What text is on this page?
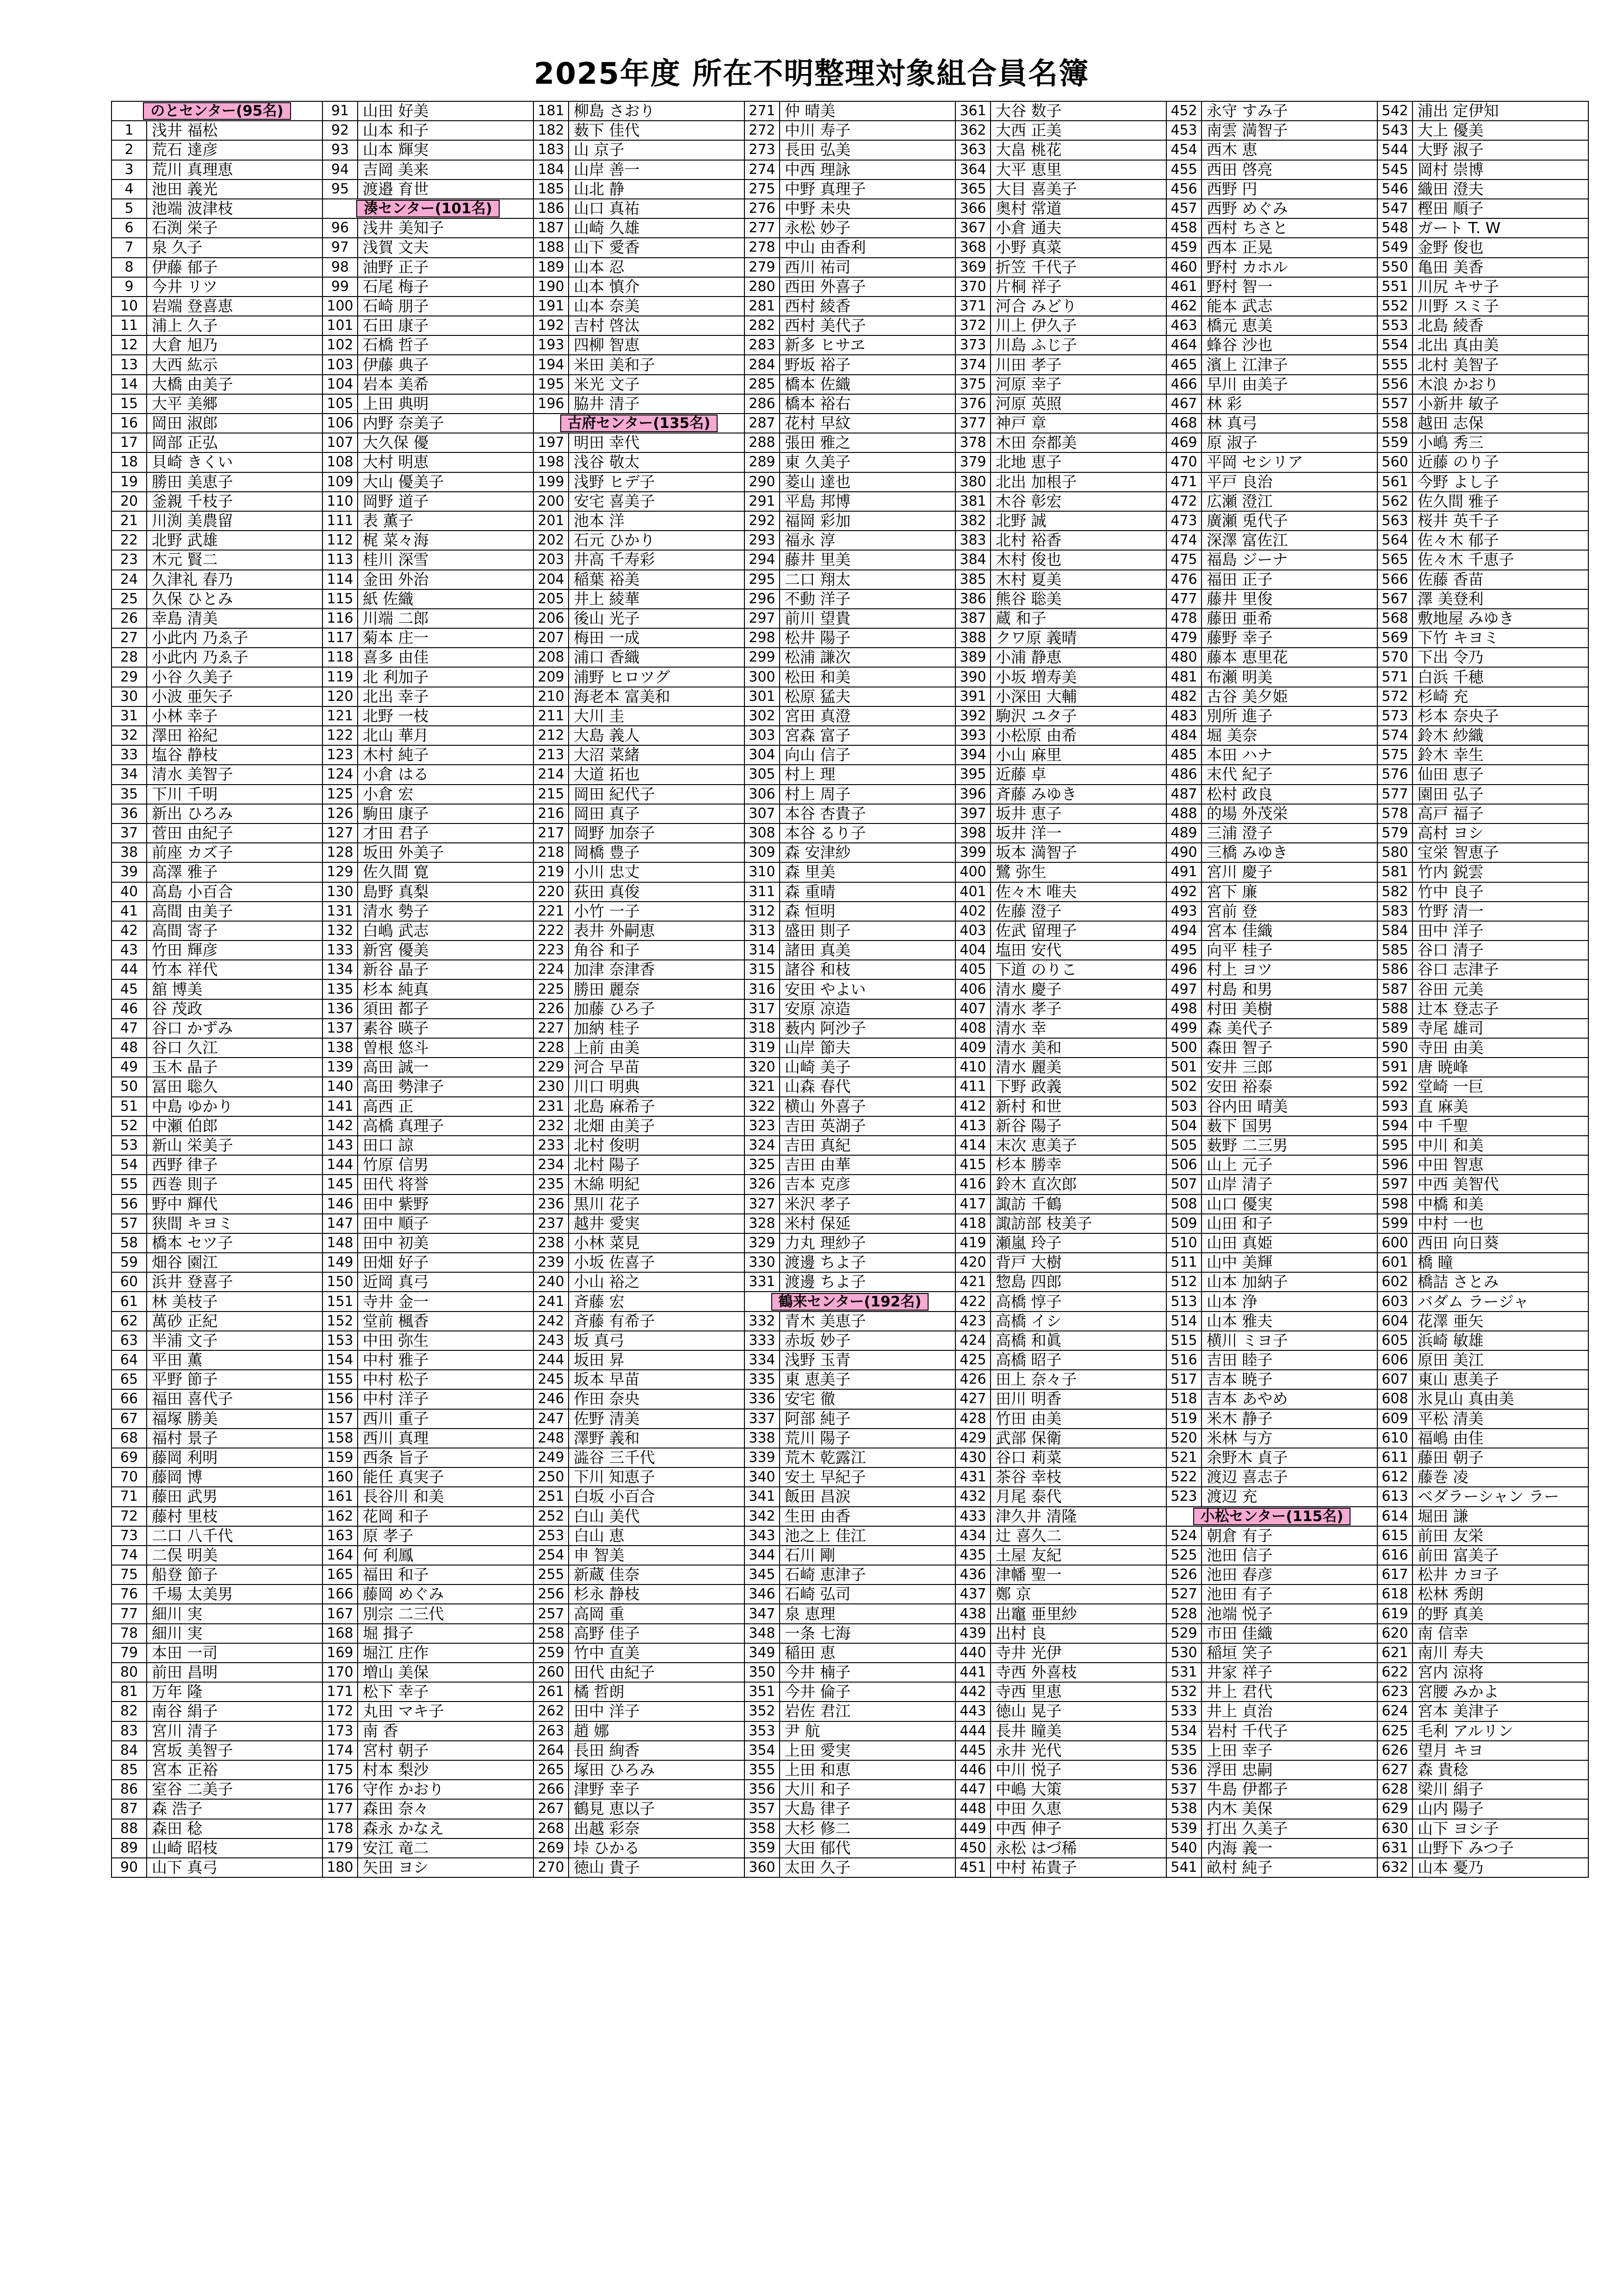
2025年度 所在不明整理対象組合員名簿
のとセンター(95名)		91	山田 好美	181	柳島 さおり	271	仲 晴美	361	大谷 数子	452	永守 すみ子	542	浦出 定伊知
1	浅井 福松	92	山本 和子	182	薮下 佳代	272	中川 寿子	362	大西 正美	453	南雲 満智子	543	大上 優美
2	荒石 達彦	93	山本 輝実	183	山 京子	273	長田 弘美	363	大畠 桃花	454	西木 恵	544	大野 淑子
3	荒川 真理恵	94	吉岡 美来	184	山岸 善一	274	中西 理詠	364	大平 恵里	455	西田 啓亮	545	岡村 崇博
4	池田 義光	95	渡邉 育世	185	山北 静	275	中野 真理子	365	大目 喜美子	456	西野 円	546	織田 澄夫
5	池端 波津枝	湊センター(101名)		186	山口 真祐	276	中野 未央	366	奥村 常道	457	西野 めぐみ	547	樫田 順子
6	石渕 栄子	96	浅井 美知子	187	山崎 久雄	277	永松 妙子	367	小倉 通夫	458	西村 ちさと	548	ガート T. W
7	泉 久子	97	浅賀 文夫	188	山下 愛香	278	中山 由香利	368	小野 真菜	459	西本 正晃	549	金野 俊也
8	伊藤 郁子	98	油野 正子	189	山本 忍	279	西川 祐司	369	折笠 千代子	460	野村 カホル	550	亀田 美香
9	今井 リツ	99	石尾 梅子	190	山本 慎介	280	西田 外喜子	370	片桐 祥子	461	野村 智一	551	川尻 キサ子
10	岩端 登喜恵	100	石崎 朋子	191	山本 奈美	281	西村 綾香	371	河合 みどり	462	能本 武志	552	川野 スミ子
11	浦上 久子	101	石田 康子	192	吉村 啓汰	282	西村 美代子	372	川上 伊久子	463	橋元 恵美	553	北島 綾香
12	大倉 旭乃	102	石橋 哲子	193	四柳 智恵	283	新多 ヒサヱ	373	川島 ふじ子	464	蜂谷 沙也	554	北出 真由美
13	大西 紘示	103	伊藤 典子	194	米田 美和子	284	野坂 裕子	374	川田 孝子	465	濱上 江津子	555	北村 美智子
14	大橋 由美子	104	岩本 美希	195	米光 文子	285	橋本 佐織	375	河原 幸子	466	早川 由美子	556	木浪 かおり
15	大平 美郷	105	上田 典明	196	脇井 清子	286	橋本 裕右	376	河原 英照	467	林 彩	557	小新井 敏子
16	岡田 淑郎	106	内野 奈美子	古府センター(135名)		287	花村 早紋	377	神戸 章	468	林 真弓	558	越田 志保
17	岡部 正弘	107	大久保 優	197	明田 幸代	288	張田 雅之	378	木田 奈都美	469	原 淑子	559	小嶋 秀三
18	貝崎 きくい	108	大村 明恵	198	浅谷 敬太	289	東 久美子	379	北地 恵子	470	平岡 セシリア	560	近藤 のり子
19	勝田 美恵子	109	大山 優美子	199	浅野 ヒデ子	290	菱山 達也	380	北出 加根子	471	平戸 良治	561	今野 よし子
20	釜親 千枝子	110	岡野 道子	200	安宅 喜美子	291	平島 邦博	381	木谷 彰宏	472	広瀬 澄江	562	佐久間 雅子
21	川渕 美農留	111	表 薫子	201	池本 洋	292	福岡 彩加	382	北野 誠	473	廣瀬 兎代子	563	桜井 英千子
22	北野 武雄	112	梶 菜々海	202	石元 ひかり	293	福永 淳	383	北村 裕香	474	深澤 富佐江	564	佐々木 郁子
23	木元 賢二	113	桂川 深雪	203	井高 千寿彩	294	藤井 里美	384	木村 俊也	475	福島 ジーナ	565	佐々木 千恵子
24	久津礼 春乃	114	金田 外治	204	稲葉 裕美	295	二口 翔太	385	木村 夏美	476	福田 正子	566	佐藤 香苗
25	久保 ひとみ	115	紙 佐織	205	井上 綾華	296	不動 洋子	386	熊谷 聡美	477	藤井 里俊	567	澤 美登利
26	幸島 清美	116	川端 二郎	206	後山 光子	297	前川 望貴	387	蔵 和子	478	藤田 亜希	568	敷地屋 みゆき
27	小此内 乃ゑ子	117	菊本 庄一	207	梅田 一成	298	松井 陽子	388	クワ原 義晴	479	藤野 幸子	569	下竹 キヨミ
28	小此内 乃ゑ子	118	喜多 由佳	208	浦口 香織	299	松浦 謙次	389	小浦 静恵	480	藤本 恵里花	570	下出 令乃
29	小谷 久美子	119	北 利加子	209	浦野 ヒロツグ	300	松田 和美	390	小坂 増寿美	481	布瀬 明美	571	白浜 千穂
30	小波 亜矢子	120	北出 幸子	210	海老本 富美和	301	松原 猛夫	391	小深田 大輔	482	古谷 美夕姫	572	杉崎 充
31	小林 幸子	121	北野 一枝	211	大川 圭	302	宮田 真澄	392	駒沢 ユタ子	483	別所 進子	573	杉本 奈央子
32	澤田 裕紀	122	北山 華月	212	大島 義人	303	宮森 富子	393	小松原 由希	484	堀 美奈	574	鈴木 紗織
33	塩谷 静枝	123	木村 純子	213	大沼 菜緒	304	向山 信子	394	小山 麻里	485	本田 ハナ	575	鈴木 幸生
34	清水 美智子	124	小倉 はる	214	大道 拓也	305	村上 理	395	近藤 卓	486	末代 紀子	576	仙田 恵子
35	下川 千明	125	小倉 宏	215	岡田 紀代子	306	村上 周子	396	斉藤 みゆき	487	松村 政良	577	園田 弘子
36	新出 ひろみ	126	駒田 康子	216	岡田 真子	307	本谷 杏貴子	397	坂井 恵子	488	的場 外茂栄	578	高戸 福子
37	菅田 由紀子	127	才田 君子	217	岡野 加奈子	308	本谷 るり子	398	坂井 洋一	489	三浦 澄子	579	高村 ヨシ
38	前座 カズ子	128	坂田 外美子	218	岡橋 豊子	309	森 安津紗	399	坂本 満智子	490	三橋 みゆき	580	宝栄 智恵子
39	高澤 雅子	129	佐久間 寛	219	小川 忠丈	310	森 里美	400	鷺 弥生	491	宮川 慶子	581	竹内 鋭雲
40	高島 小百合	130	島野 真梨	220	荻田 真俊	311	森 重晴	401	佐々木 唯夫	492	宮下 廉	582	竹中 良子
41	高間 由美子	131	清水 勢子	221	小竹 一子	312	森 恒明	402	佐藤 澄子	493	宮前 登	583	竹野 清一
42	高間 寄子	132	白嶋 武志	222	表井 外嗣恵	313	盛田 則子	403	佐武 留理子	494	宮本 佳織	584	田中 洋子
43	竹田 輝彦	133	新宮 優美	223	角谷 和子	314	諸田 真美	404	塩田 安代	495	向平 桂子	585	谷口 清子
44	竹本 祥代	134	新谷 晶子	224	加津 奈津香	315	諸谷 和枝	405	下道 のりこ	496	村上 ヨツ	586	谷口 志津子
45	舘 博美	135	杉本 純真	225	勝田 麗奈	316	安田 やよい	406	清水 慶子	497	村島 和男	587	谷田 元美
46	谷 茂政	136	須田 都子	226	加藤 ひろ子	317	安原 凉造	407	清水 孝子	498	村田 美樹	588	辻本 登志子
47	谷口 かずみ	137	素谷 暎子	227	加納 桂子	318	薮内 阿沙子	408	清水 幸	499	森 美代子	589	寺尾 雄司
48	谷口 久江	138	曽根 悠斗	228	上前 由美	319	山岸 節夫	409	清水 美和	500	森田 智子	590	寺田 由美
49	玉木 晶子	139	高田 誠一	229	河合 早苗	320	山崎 美子	410	清水 麗美	501	安井 三郎	591	唐 暁峰
50	冨田 聡久	140	高田 勢津子	230	川口 明典	321	山森 春代	411	下野 政義	502	安田 裕泰	592	堂崎 一巨
51	中島 ゆかり	141	高西 正	231	北島 麻希子	322	横山 外喜子	412	新村 和世	503	谷内田 晴美	593	直 麻美
52	中瀬 伯郎	142	高橋 真理子	232	北畑 由美子	323	吉田 英湖子	413	新谷 陽子	504	薮下 国男	594	中 千聖
53	新山 栄美子	143	田口 諒	233	北村 俊明	324	吉田 真紀	414	末次 恵美子	505	薮野 二三男	595	中川 和美
54	西野 律子	144	竹原 信男	234	北村 陽子	325	吉田 由華	415	杉本 勝幸	506	山上 元子	596	中田 智恵
55	西巻 則子	145	田代 将誉	235	木綿 明紀	326	吉本 克彦	416	鈴木 直次郎	507	山岸 清子	597	中西 美智代
56	野中 輝代	146	田中 紫野	236	黒川 花子	327	米沢 孝子	417	諏訪 千鶴	508	山口 優実	598	中橋 和美
57	狭間 キヨミ	147	田中 順子	237	越井 愛実	328	米村 保延	418	諏訪部 枝美子	509	山田 和子	599	中村 一也
58	橋本 セツ子	148	田中 初美	238	小林 菜見	329	力丸 理紗子	419	瀬嵐 玲子	510	山田 真姫	600	西田 向日葵
59	畑谷 園江	149	田畑 好子	239	小坂 佐喜子	330	渡邊 ちよ子	420	背戸 大樹	511	山中 美輝	601	橋 瞳
60	浜井 登喜子	150	近岡 真弓	240	小山 裕之	331	渡邊 ちよ子	421	惣島 四郎	512	山本 加納子	602	橋詰 さとみ
61	林 美枝子	151	寺井 金一	241	斉藤 宏	鶴来センター(192名)		422	高橋 惇子	513	山本 浄	603	バダム ラージャ
62	萬砂 正紀	152	堂前 楓香	242	斉藤 有希子	332	青木 美恵子	423	高橋 イシ	514	山本 雅夫	604	花澤 亜矢
63	半浦 文子	153	中田 弥生	243	坂 真弓	333	赤坂 妙子	424	高橋 和眞	515	横川 ミヨ子	605	浜崎 敏雄
64	平田 薫	154	中村 雅子	244	坂田 昇	334	浅野 玉青	425	高橋 昭子	516	吉田 睦子	606	原田 美江
65	平野 節子	155	中村 松子	245	坂本 早苗	335	東 恵美子	426	田上 奈々子	517	吉本 暁子	607	東山 恵美子
66	福田 喜代子	156	中村 洋子	246	作田 奈央	336	安宅 徹	427	田川 明香	518	吉本 あやめ	608	氷見山 真由美
67	福塚 勝美	157	西川 重子	247	佐野 清美	337	阿部 純子	428	竹田 由美	519	米木 静子	609	平松 清美
68	福村 景子	158	西川 真理	248	澤野 義和	338	荒川 陽子	429	武部 保衛	520	米林 与方	610	福嶋 由佳
69	藤岡 利明	159	西条 旨子	249	澁谷 三千代	339	荒木 乾露江	430	谷口 莉菜	521	余野木 貞子	611	藤田 朝子
70	藤岡 博	160	能任 真実子	250	下川 知恵子	340	安土 早紀子	431	茶谷 幸枝	522	渡辺 喜志子	612	藤巻 凌
71	藤田 武男	161	長谷川 和美	251	白坂 小百合	341	飯田 昌涙	432	月尾 泰代	523	渡辺 充	613	ベダラーシャン ラー
72	藤村 里枝	162	花岡 和子	252	白山 美代	342	生田 由香	433	津久井 清隆	小松センター(115名)		614	堀田 謙
73	二口 八千代	163	原 孝子	253	白山 恵	343	池之上 佳江	434	辻 喜久二	524	朝倉 有子	615	前田 友栄
74	二俣 明美	164	何 利鳳	254	申 智美	344	石川 剛	435	土屋 友紀	525	池田 信子	616	前田 富美子
75	船登 節子	165	福田 和子	255	新蔵 佳奈	345	石崎 恵津子	436	津幡 聖一	526	池田 春彦	617	松井 カヨ子
76	千場 太美男	166	藤岡 めぐみ	256	杉永 静枝	346	石崎 弘司	437	鄭 京	527	池田 有子	618	松林 秀朗
77	細川 実	167	別宗 二三代	257	高岡 重	347	泉 恵理	438	出竈 亜里紗	528	池端 悦子	619	的野 真美
78	細川 実	168	堀 揖子	258	高野 佳子	348	一条 七海	439	出村 良	529	市田 佳織	620	南 信幸
79	本田 一司	169	堀江 庄作	259	竹中 直美	349	稲田 恵	440	寺井 光伊	530	稲垣 笑子	621	南川 寿夫
80	前田 昌明	170	増山 美保	260	田代 由紀子	350	今井 楠子	441	寺西 外喜枝	531	井家 祥子	622	宮内 涼将
81	万年 隆	171	松下 幸子	261	橘 哲朗	351	今井 倫子	442	寺西 里恵	532	井上 君代	623	宮腰 みかよ
82	南谷 絹子	172	丸田 マキ子	262	田中 洋子	352	岩佐 君江	443	徳山 晃子	533	井上 貞治	624	宮本 美津子
83	宮川 清子	173	南 香	263	趙 娜	353	尹 航	444	長井 瞳美	534	岩村 千代子	625	毛利 アルリン
84	宮坂 美智子	174	宮村 朝子	264	長田 絢香	354	上田 愛実	445	永井 光代	535	上田 幸子	626	望月 キヨ
85	宮本 正裕	175	村本 梨沙	265	塚田 ひろみ	355	上田 和恵	446	中川 悦子	536	浮田 忠嗣	627	森 貴稔
86	室谷 二美子	176	守作 かおり	266	津野 幸子	356	大川 和子	447	中嶋 大策	537	牛島 伊都子	628	梁川 絹子
87	森 浩子	177	森田 奈々	267	鶴見 恵以子	357	大島 律子	448	中田 久恵	538	内木 美保	629	山内 陽子
88	森田 稔	178	森永 かなえ	268	出越 彩奈	358	大杉 修二	449	中西 伸子	539	打出 久美子	630	山下 ヨシ子
89	山崎 昭枝	179	安江 竜二	269	垰 ひかる	359	大田 郁代	450	永松 はづ稀	540	内海 義一	631	山野下 みつ子
90	山下 真弓	180	矢田 ヨシ	270	徳山 貴子	360	太田 久子	451	中村 祐貴子	541	畝村 純子	632	山本 憂乃
